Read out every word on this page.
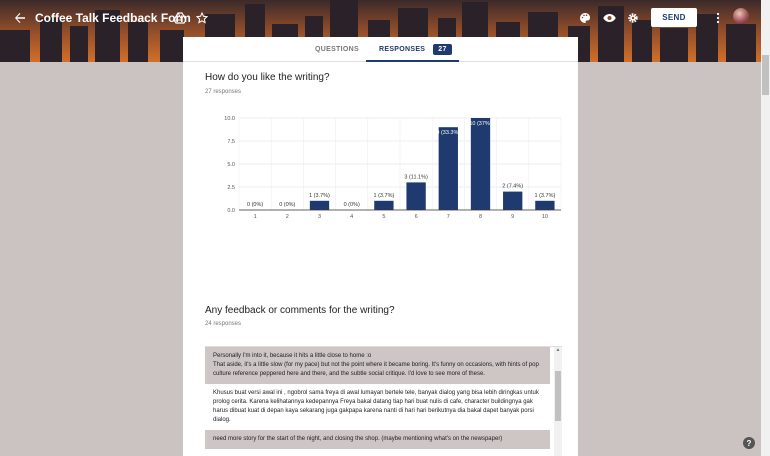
Coffee Talk Feedback Form	SEND
QUESTIONS	RESPONSES	27
How do you like the writing?
27 responses
0.0
2.5
5.0
7.5
10.0
0 (0%)
1
0 (0%)
2
1 (3.7%)
3
0 (0%)
4
1 (3.7%)
5
3 (11.1%)
6
9 (33.3%)
7
10 (37%)
8
2 (7.4%)
9
1 (3.7%)
10
Any feedback or comments for the writing?
24 responses
Personally I'm into it, because it hits a little close to home :o
That aside, it's a little slow (for my pace) but not the point where it became boring. It's funny on occasions, with hints of pop culture reference peppered here and there, and the subtle social critique. I'd love to see more of these.
Khusus buat versi awal ini , ngobrol sama freya di awal lumayan bertele tele, banyak dialog yang bisa lebih diringkas untuk prolog cerita. Karena kelihatannya kedepannya Freya bakal datang tiap hari buat nulis di cafe, character buildingnya gak harus dibuat kuat di depan kaya sekarang juga gakpapa karena nanti di hari hari berikutnya dia bakal dapet banyak porsi dialog.
need more story for the start of the night, and closing the shop. (maybe mentioning what's on the newspaper)
▲
?
